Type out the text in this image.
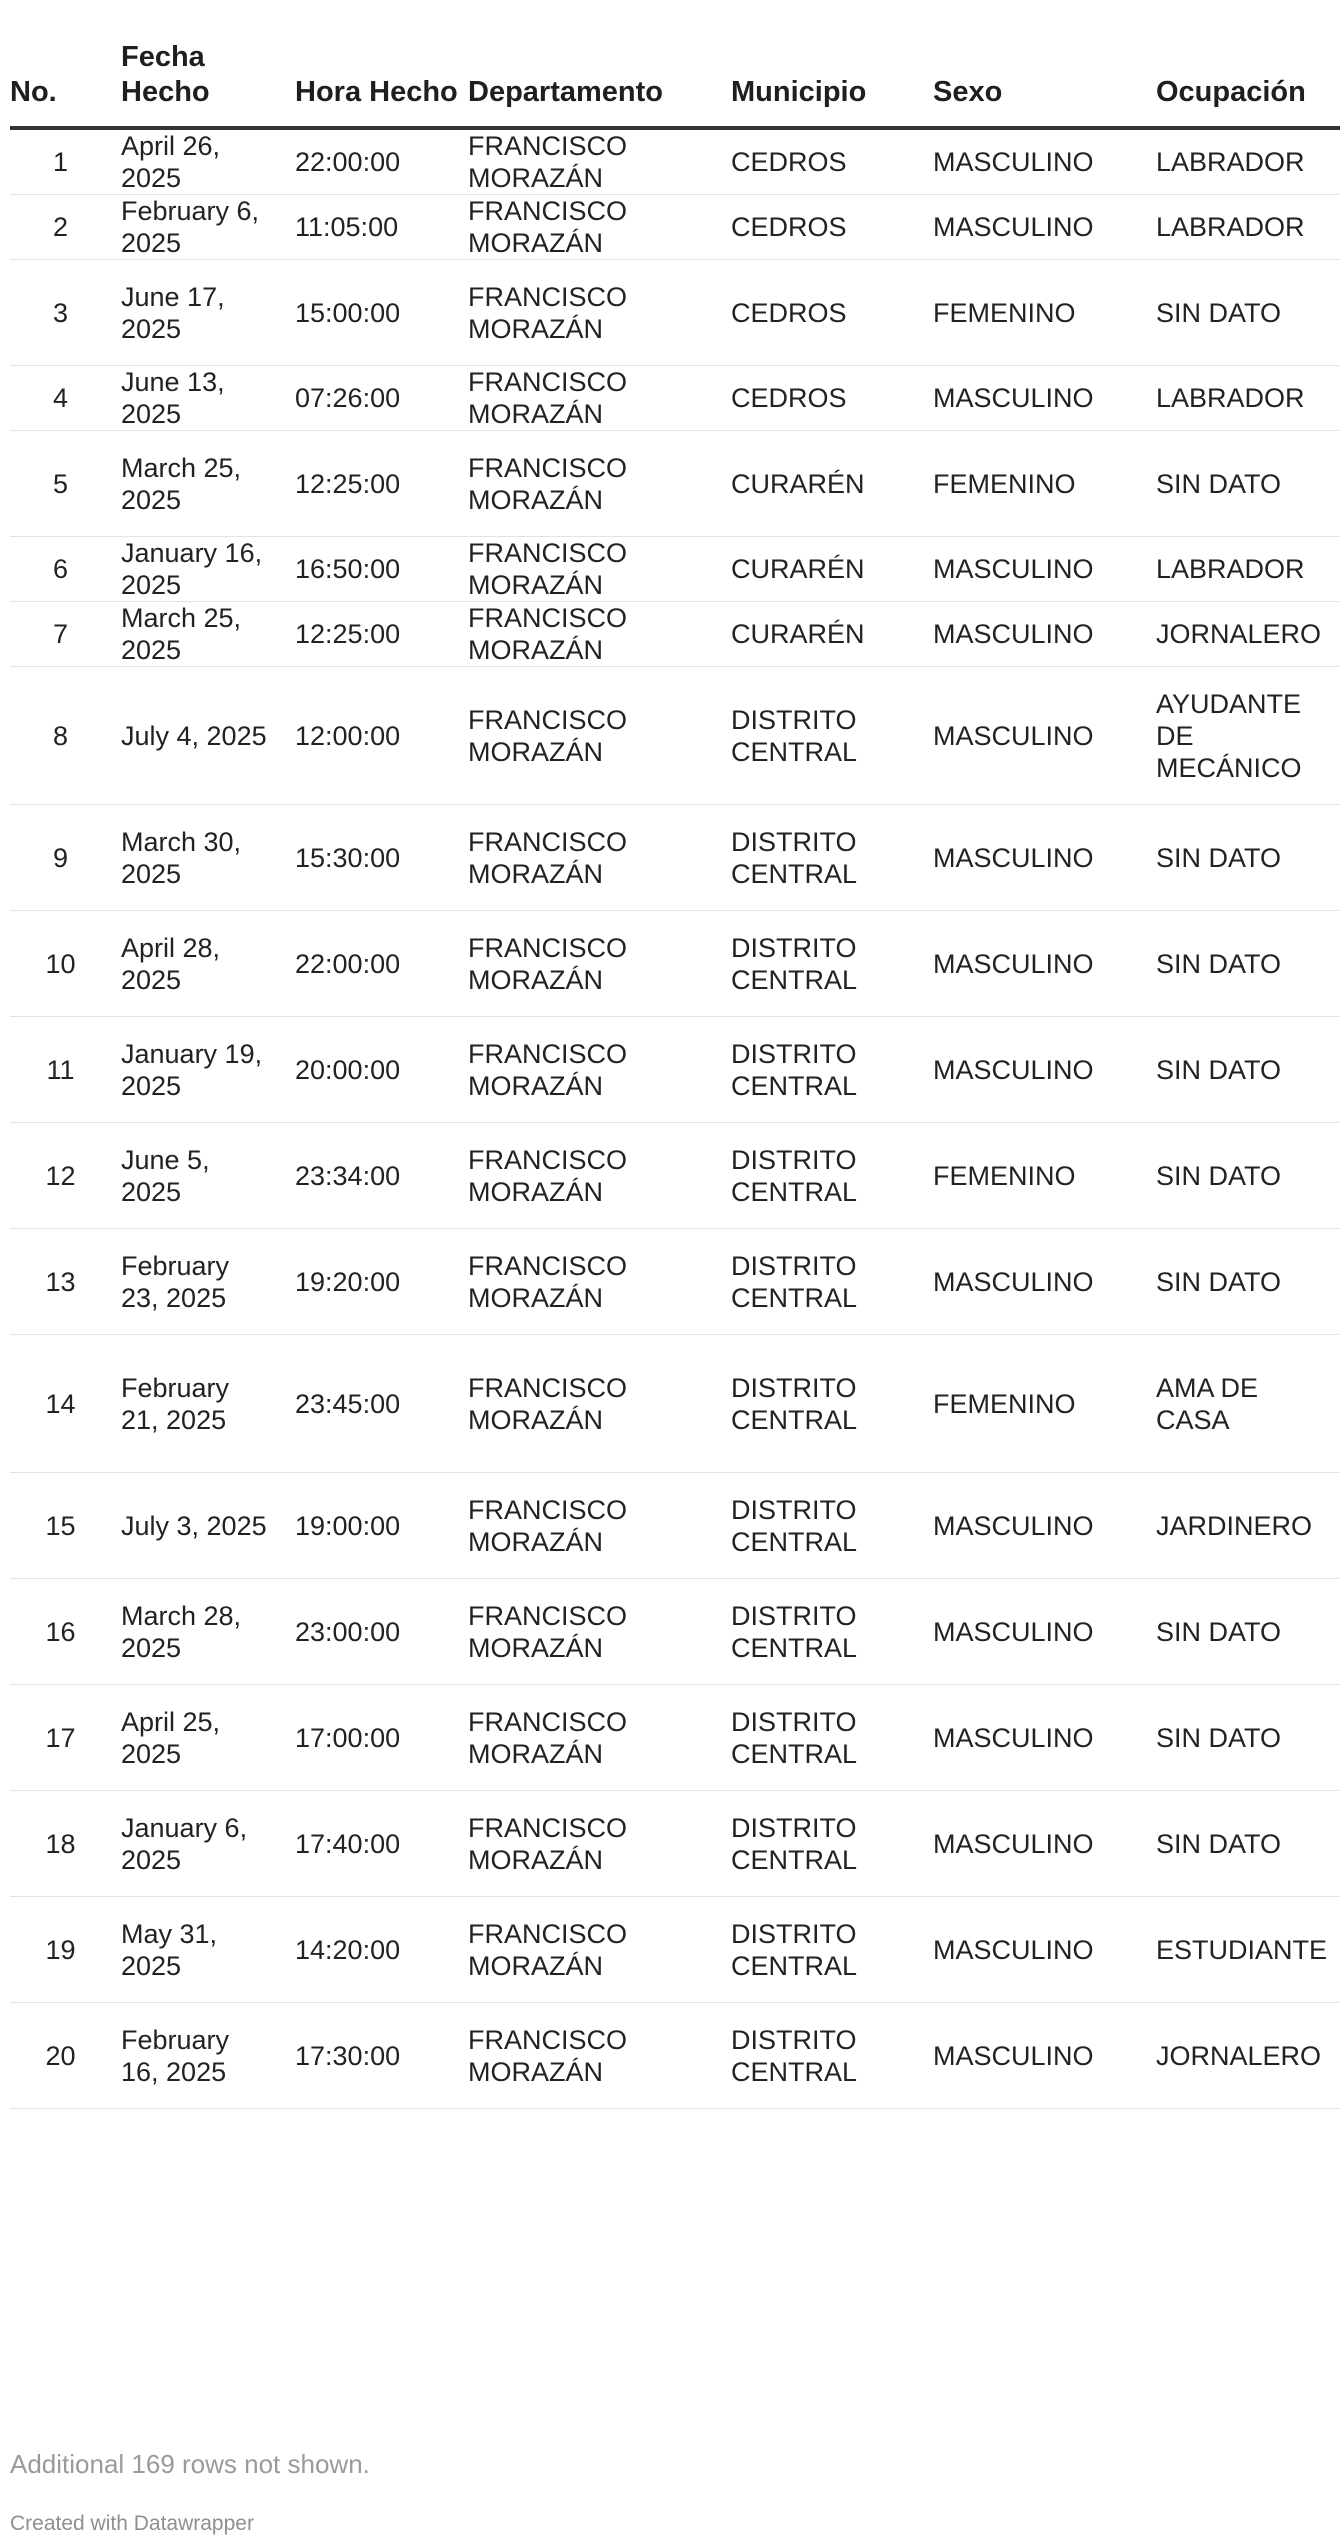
No.	Fecha Hecho	Hora Hecho	Departamento	Municipio	Sexo	Ocupación
1	April 26, 2025	22:00:00	FRANCISCO MORAZÁN	CEDROS	MASCULINO	LABRADOR
2	February 6, 2025	11:05:00	FRANCISCO MORAZÁN	CEDROS	MASCULINO	LABRADOR
3	June 17, 2025	15:00:00	FRANCISCO MORAZÁN	CEDROS	FEMENINO	SIN DATO
4	June 13, 2025	07:26:00	FRANCISCO MORAZÁN	CEDROS	MASCULINO	LABRADOR
5	March 25, 2025	12:25:00	FRANCISCO MORAZÁN	CURARÉN	FEMENINO	SIN DATO
6	January 16, 2025	16:50:00	FRANCISCO MORAZÁN	CURARÉN	MASCULINO	LABRADOR
7	March 25, 2025	12:25:00	FRANCISCO MORAZÁN	CURARÉN	MASCULINO	JORNALERO
8	July 4, 2025	12:00:00	FRANCISCO MORAZÁN	DISTRITO CENTRAL	MASCULINO	AYUDANTE DE MECÁNICO
9	March 30, 2025	15:30:00	FRANCISCO MORAZÁN	DISTRITO CENTRAL	MASCULINO	SIN DATO
10	April 28, 2025	22:00:00	FRANCISCO MORAZÁN	DISTRITO CENTRAL	MASCULINO	SIN DATO
11	January 19, 2025	20:00:00	FRANCISCO MORAZÁN	DISTRITO CENTRAL	MASCULINO	SIN DATO
12	June 5, 2025	23:34:00	FRANCISCO MORAZÁN	DISTRITO CENTRAL	FEMENINO	SIN DATO
13	February 23, 2025	19:20:00	FRANCISCO MORAZÁN	DISTRITO CENTRAL	MASCULINO	SIN DATO
14	February 21, 2025	23:45:00	FRANCISCO MORAZÁN	DISTRITO CENTRAL	FEMENINO	AMA DE CASA
15	July 3, 2025	19:00:00	FRANCISCO MORAZÁN	DISTRITO CENTRAL	MASCULINO	JARDINERO
16	March 28, 2025	23:00:00	FRANCISCO MORAZÁN	DISTRITO CENTRAL	MASCULINO	SIN DATO
17	April 25, 2025	17:00:00	FRANCISCO MORAZÁN	DISTRITO CENTRAL	MASCULINO	SIN DATO
18	January 6, 2025	17:40:00	FRANCISCO MORAZÁN	DISTRITO CENTRAL	MASCULINO	SIN DATO
19	May 31, 2025	14:20:00	FRANCISCO MORAZÁN	DISTRITO CENTRAL	MASCULINO	ESTUDIANTE
20	February 16, 2025	17:30:00	FRANCISCO MORAZÁN	DISTRITO CENTRAL	MASCULINO	JORNALERO
Additional 169 rows not shown.
Created with Datawrapper
